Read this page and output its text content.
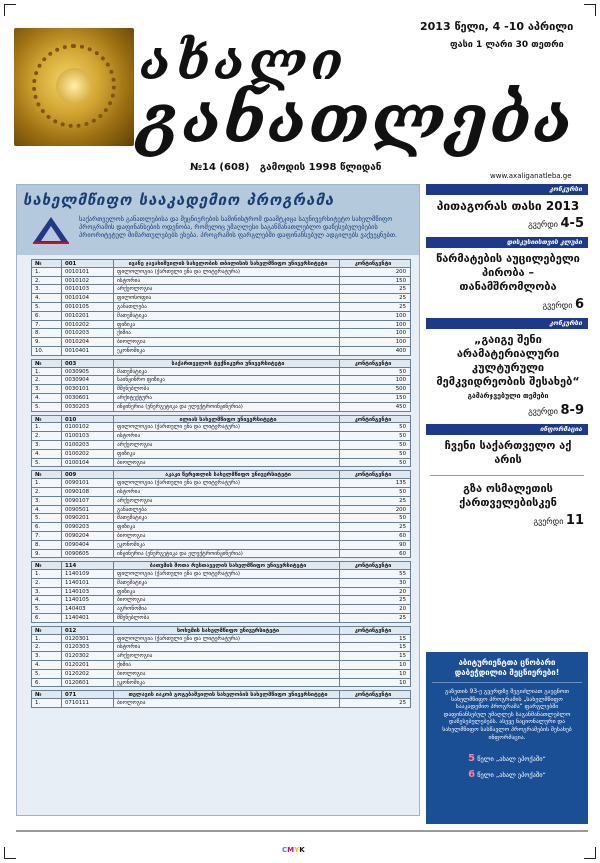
2013 წელი, 4 -10 აპრილი
ფასი 1 ლარი 30 თეთრი
ახალი
განათლება
№14 (608) გამოდის 1998 წლიდან
www.axaliganatleba.ge
სახელმწიფო სააკადემიო პროგრამა
საქართველოს განათლებისა და მეცნიერების სამინისტრომ დაამტკიცა საუნივერსიტეტო სახელმწიფო პროგრამის დაფინანსების ოდენობა, რომელიც უმაღლესი საგანმანათლებლო დაწესებულებების პრიორიტეტულ მიმართულებებს ეხება. პროგრამის ფარგლებში დაფინანსებულ ადგილებს ვაქვეყნებთ.
№	001	ივანე ჯავახიშვილის სახელობის თბილისის სახელმწიფო უნივერსიტეტი	კონტინგენტი
1.	0010101	ფილოლოგია (ქართული ენა და ლიტერატურა)	200
2.	0010102	ისტორია	150
3.	0010103	არქეოლოგია	25
4.	0010104	ფილოსოფია	25
5.	0010105	განათლება	25
6.	0010201	მათემატიკა	100
7.	0010202	ფიზიკა	100
8.	0010203	ქიმია	100
9.	0010204	ბიოლოგია	100
10.	0010401	ეკონომიკა	400
№	003	საქართველოს ტექნიკური უნივერსიტეტი	კონტინგენტი
1.	0030905	მათემატიკა	50
2.	0030904	საინჟინრო ფიზიკა	100
3.	0030101	მშენებლობა	500
4.	0030601	არქიტექტურა	150
5.	0030203	ინჟინერია (ენერგეტიკა და ელექტროინჟინერია)	450
№	010	ილიას სახელმწიფო უნივერსიტეტი	კონტინგენტი
1.	0100102	ფილოლოგია (ქართული ენა და ლიტერატურა)	50
2.	0100103	ისტორია	50
3.	0100203	არქეოლოგია	50
4.	0100202	ფიზიკა	50
5.	0100104	ბიოლოგია	50
№	009	აკაკი წერეთლის სახელმწიფო უნივერსიტეტი	კონტინგენტი
1.	0090101	ფილოლოგია (ქართული ენა და ლიტერატურა)	135
2.	0090108	ისტორია	50
3.	0090107	არქეოლოგია	25
4.	0090501	განათლება	200
5.	0090201	მათემატიკა	50
6.	0090203	ფიზიკა	25
7.	0090204	ბიოლოგია	60
8.	0090404	ეკონომიკა	90
9.	0090605	ინჟინერია (ენერგეტიკა და ელექტროინჟინერია)	60
№	114	ბათუმის შოთა რუსთაველის სახელმწიფო უნივერსიტეტი	კონტინგენტი
1.	1140109	ფილოლოგია (ქართული ენა და ლიტერატურა)	55
2.	1140101	მათემატიკა	30
3.	1140103	ფიზიკა	20
4.	1140105	ბიოლოგია	25
5.	140403	აგრონომია	20
6.	1140401	მშენებლობა	25
№	012	სოხუმის სახელმწიფო უნივერსიტეტი	კონტინგენტი
1.	0120301	ფილოლოგია (ქართული ენა და ლიტერატურა)	15
2.	0120303	ისტორია	15
3.	0120302	არქეოლოგია	15
4.	0120201	ქიმია	10
5.	0120202	ბიოლოგია	10
6.	0120601	ეკონომიკა	10
№	071	თელავის იაკობ გოგებაშვილის სახელობის სახელმწიფო უნივერსიტეტი	კონტინგენტი
1.	0710111	ბიოლოგია	25
კონკურსი
პითაგორას თასი 2013
გვერდი 4-5
დისკუსიისთვის კლუბი
წარმატების აუცილებელი პირობა – თანამშრომლობა
გვერდი 6
კონკურსი
„გაიგე შენი არამატერიალური კულტურული მემკვიდრეობის შესახებ“
გამარჯვებული თემები
გვერდი 8-9
ინფორმაცია
ჩვენი საქართველო აქ არის
გზა ოსმალეთის ქართველებისკენ
გვერდი 11
აბიტურიენტთა ცნობარი დაბეჭდილია მეცნიერები!
გაზეთის 93-ე გვერდზე შეგიძლიათ გაეცნოთ სახელმწიფო პროგრამის „სახელმწიფო სააკადემიო პროგრამა“ ფარგლებში დაფინანსებულ უმაღლეს საგანმანათლებლო დაწესებულებებს. ასევე ნაციონალური და სახელმწიფო სასწავლო პროგრამების შესახებ ინფორმაცია.
5 წელი „ახალ ეპოქაში“
6 წელი „ახალ ეპოქაში“
CMYK
